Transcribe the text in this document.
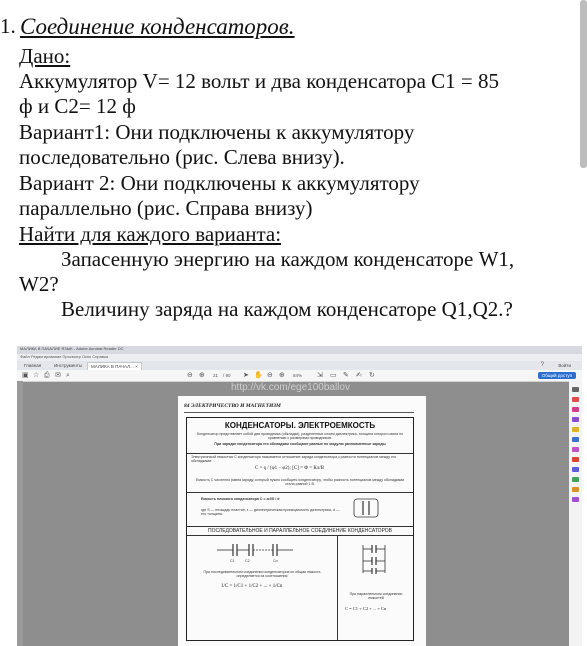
1. Соединение конденсаторов.
Дано:
Аккумулятор V= 12 вольт и два конденсатора C1 = 85
ф и C2= 12 ф
Вариант1: Они подключены к аккумулятору
последовательно (рис. Слева внизу).
Вариант 2: Они подключены к аккумулятору
параллельно (рис. Справа внизу)
Найти для каждого варианта:
Запасенную энергию на каждом конденсаторе W1,
W2?
Величину заряда на каждом конденсаторе Q1,Q2.?
МАЛИКА В ПАЧАЛИЕ ЯЗЫК - Adobe Acrobat Reader DC
Файл Редактирование Просмотр Окно Справка
Главная	Инструменты	МАЛИКА В ПАЧАЛ... ×	?	Войти
▣ ☆ ⎙ ✉ ⌕	⊖ ⊕ 21 / 90 ➤ ✋ ⊖ ⊕ 84% ⇲ ▭ ✎ ✍ ↻	Общий доступ
http://vk.com/ege100ballov
84 ЭЛЕКТРИЧЕСТВО И МАГНЕТИЗМ
КОНДЕНСАТОРЫ. ЭЛЕКТРОЕМКОСТЬ
Конденсатор представляет собой два проводника (обкладки), разделенных слоем диэлектрика, толщина которого мала по сравнению с размерами проводников.
При зарядке конденсатора его обкладкам сообщают равные по модулю разноименные заряды
Электрической емкостью С конденсатора называется отношение заряда конденсатора к разности потенциалов между его обкладками:
C = q / (φ1 − φ2); [C] = Ф = Кл/В
Емкость С численно равна заряду, который нужно сообщить конденсатору, чтобы разность потенциалов между обкладками стала равной 1 В.
Емкость плоского конденсатора C = εε0S / d
где S — площадь пластин, ε — диэлектрическая проницаемость диэлектрика, d — его толщина.
ПОСЛЕДОВАТЕЛЬНОЕ И ПАРАЛЛЕЛЬНОЕ СОЕДИНЕНИЕ КОНДЕНСАТОРОВ
C1	C2	Cn
При последовательном соединении конденсаторов их общая емкость определяется из соотношения
1/C = 1/C1 + 1/C2 + ... + 1/Cn
При параллельном соединении емкостей
C = C1 + C2 + ... + Cn
